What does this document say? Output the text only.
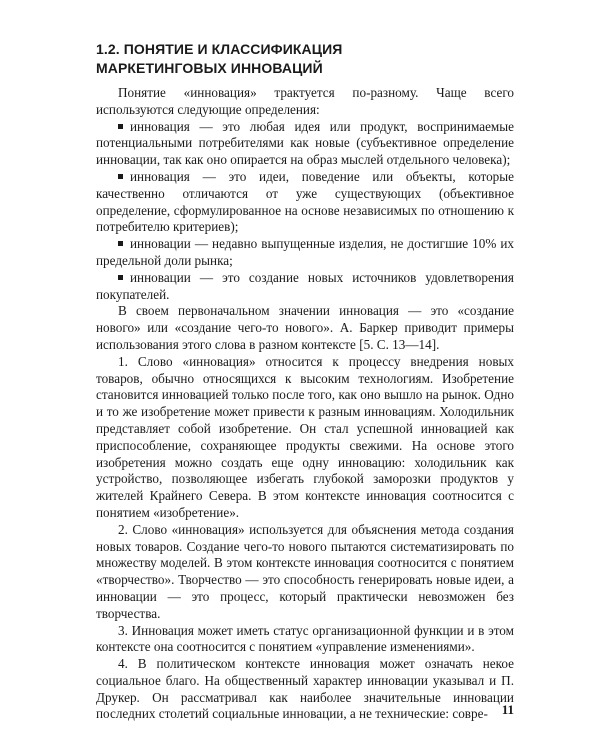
1.2. ПОНЯТИЕ И КЛАССИФИКАЦИЯ
МАРКЕТИНГОВЫХ ИННОВАЦИЙ

Понятие «инновация» трактуется по-разному. Чаще всего используются следующие определения:

инновация — это любая идея или продукт, воспринимаемые потенциальными потребителями как новые (субъективное определение инновации, так как оно опирается на образ мыслей отдельного человека);

инновация — это идеи, поведение или объекты, которые качественно отличаются от уже существующих (объективное определение, сформулированное на основе независимых по отношению к потребителю критериев);

инновации — недавно выпущенные изделия, не достигшие 10% их предельной доли рынка;

инновации — это создание новых источников удовлетворения покупателей.

В своем первоначальном значении инновация — это «создание нового» или «создание чего-то нового». А. Баркер приводит примеры использования этого слова в разном контексте [5. С. 13—14].

1. Слово «инновация» относится к процессу внедрения новых товаров, обычно относящихся к высоким технологиям. Изобретение становится инновацией только после того, как оно вышло на рынок. Одно и то же изобретение может привести к разным инновациям. Холодильник представляет собой изобретение. Он стал успешной инновацией как приспособление, сохраняющее продукты свежими. На основе этого изобретения можно создать еще одну инновацию: холодильник как устройство, позволяющее избегать глубокой заморозки продуктов у жителей Крайнего Севера. В этом контексте инновация соотносится с понятием «изобретение».

2. Слово «инновация» используется для объяснения метода создания новых товаров. Создание чего-то нового пытаются систематизировать по множеству моделей. В этом контексте инновация соотносится с понятием «творчество». Творчество — это способность генерировать новые идеи, а инновации — это процесс, который практически невозможен без творчества.

3. Инновация может иметь статус организационной функции и в этом контексте она соотносится с понятием «управление изменениями».

4. В политическом контексте инновация может означать некое социальное благо. На общественный характер инновации указывал и П. Друкер. Он рассматривал как наиболее значительные инновации последних столетий социальные инновации, а не технические: совре-	11
